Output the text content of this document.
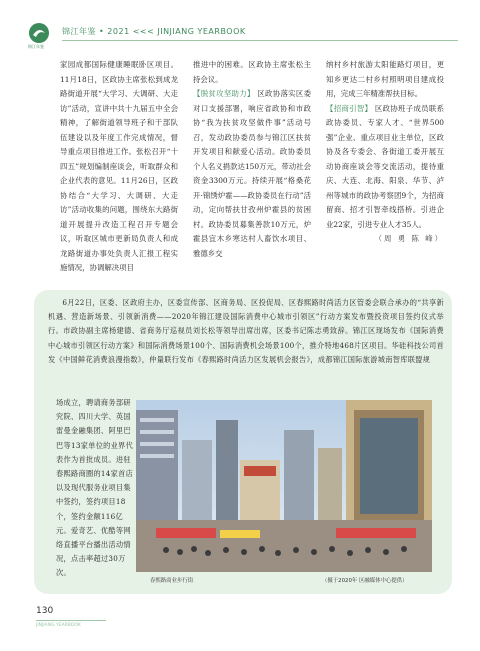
锦江年鉴
锦江年鉴 • 2021 <<< JINJIANG YEARBOOK

家园成都国际健康睡眠卧区项目。11月18日，区政协主席张松到成龙路街道开展“大学习、大调研、大走访”活动，宣讲中共十九届五中全会精神，了解街道领导班子和干部队伍建设以及年度工作完成情况，督导重点项目推进工作。张松召开“十四五”规划编制座谈会，听取群众和企业代表的意见。11月26日，区政协结合“大学习、大调研、大走访”活动收集的问题，围绕东大路街道开展提升改造工程召开专题会议，听取区城市更新局负责人和成龙路街道办事处负责人汇报工程实施情况，协调解决项目

推进中的困难。区政协主席张松主持会议。

【脱贫攻坚助力】 区政协落实区委对口支援部署，响应省政协和市政协“我为扶贫攻坚做件事”活动号召，发动政协委员参与锦江区扶贫开发项目和献爱心活动。政协委员个人名义捐款达150万元，带动社会资金3300万元。持续开展“格桑花开·锦绣炉霍——政协委员在行动”活动，定向帮扶甘孜州炉霍县的贫困村。政协委员募集善款10万元，炉霍县宜木乡寒达村人畜饮水项目、雅德乡交

纳村乡村旅游太阳能路灯项目，更知乡更达二村乡村照明项目建成投用，完成三年精准帮扶目标。

【招商引智】 区政协班子成员联系政协委员、专家人才、“世界500强”企业、重点项目业主单位，区政协及各专委会、各街道工委开展互动协商座谈会等交流活动，提待重庆、大连、北海、阳泉、华节、泸州等城市的政协考察团9个，为招商留商、招才引智牵线搭桥。引进企业22家，引进专业人才35人。

（周 勇 陈 峰）

6月22日，区委、区政府主办，区委宣传部、区商务局、区投促局、区春熙路时尚活力区管委会联合承办的“共享新机遇、营造新场景、引领新消费——2020年锦江建设国际消费中心城市引领区”行动方案发布暨投资项目签约仪式举行。市政协副主席杨建德、省商务厅巡视员刘长松等领导出席出席，区委书记陈志勇致辞。锦江区现场发布《国际消费中心城市引领区行动方案》和国际消费场景100个、国际消费机会场景100个，推介特地468片区项目。华硅科技公司首发《中国鲜花消费浪漫指数》，仲量联行发布《春熙路时尚活力区发展机会报告》，成都锦江国际旅游城南智库联盟规

场成立，聘请商务部研究院、四川大学、英国雷曼金融集团、阿里巴巴等13家单位的业界代表作为首批成员。进驻春熙路商圈的14家首店以及现代服务业项目集中签约，签约项目18个，签约金额116亿元。爱奇艺、优酷等网络直播平台播出活动情况，点击率超过30万次。
春熙路商业步行街	（摄于2020年 区融媒体中心提供）
130
JINJIANG YEARBOOK
